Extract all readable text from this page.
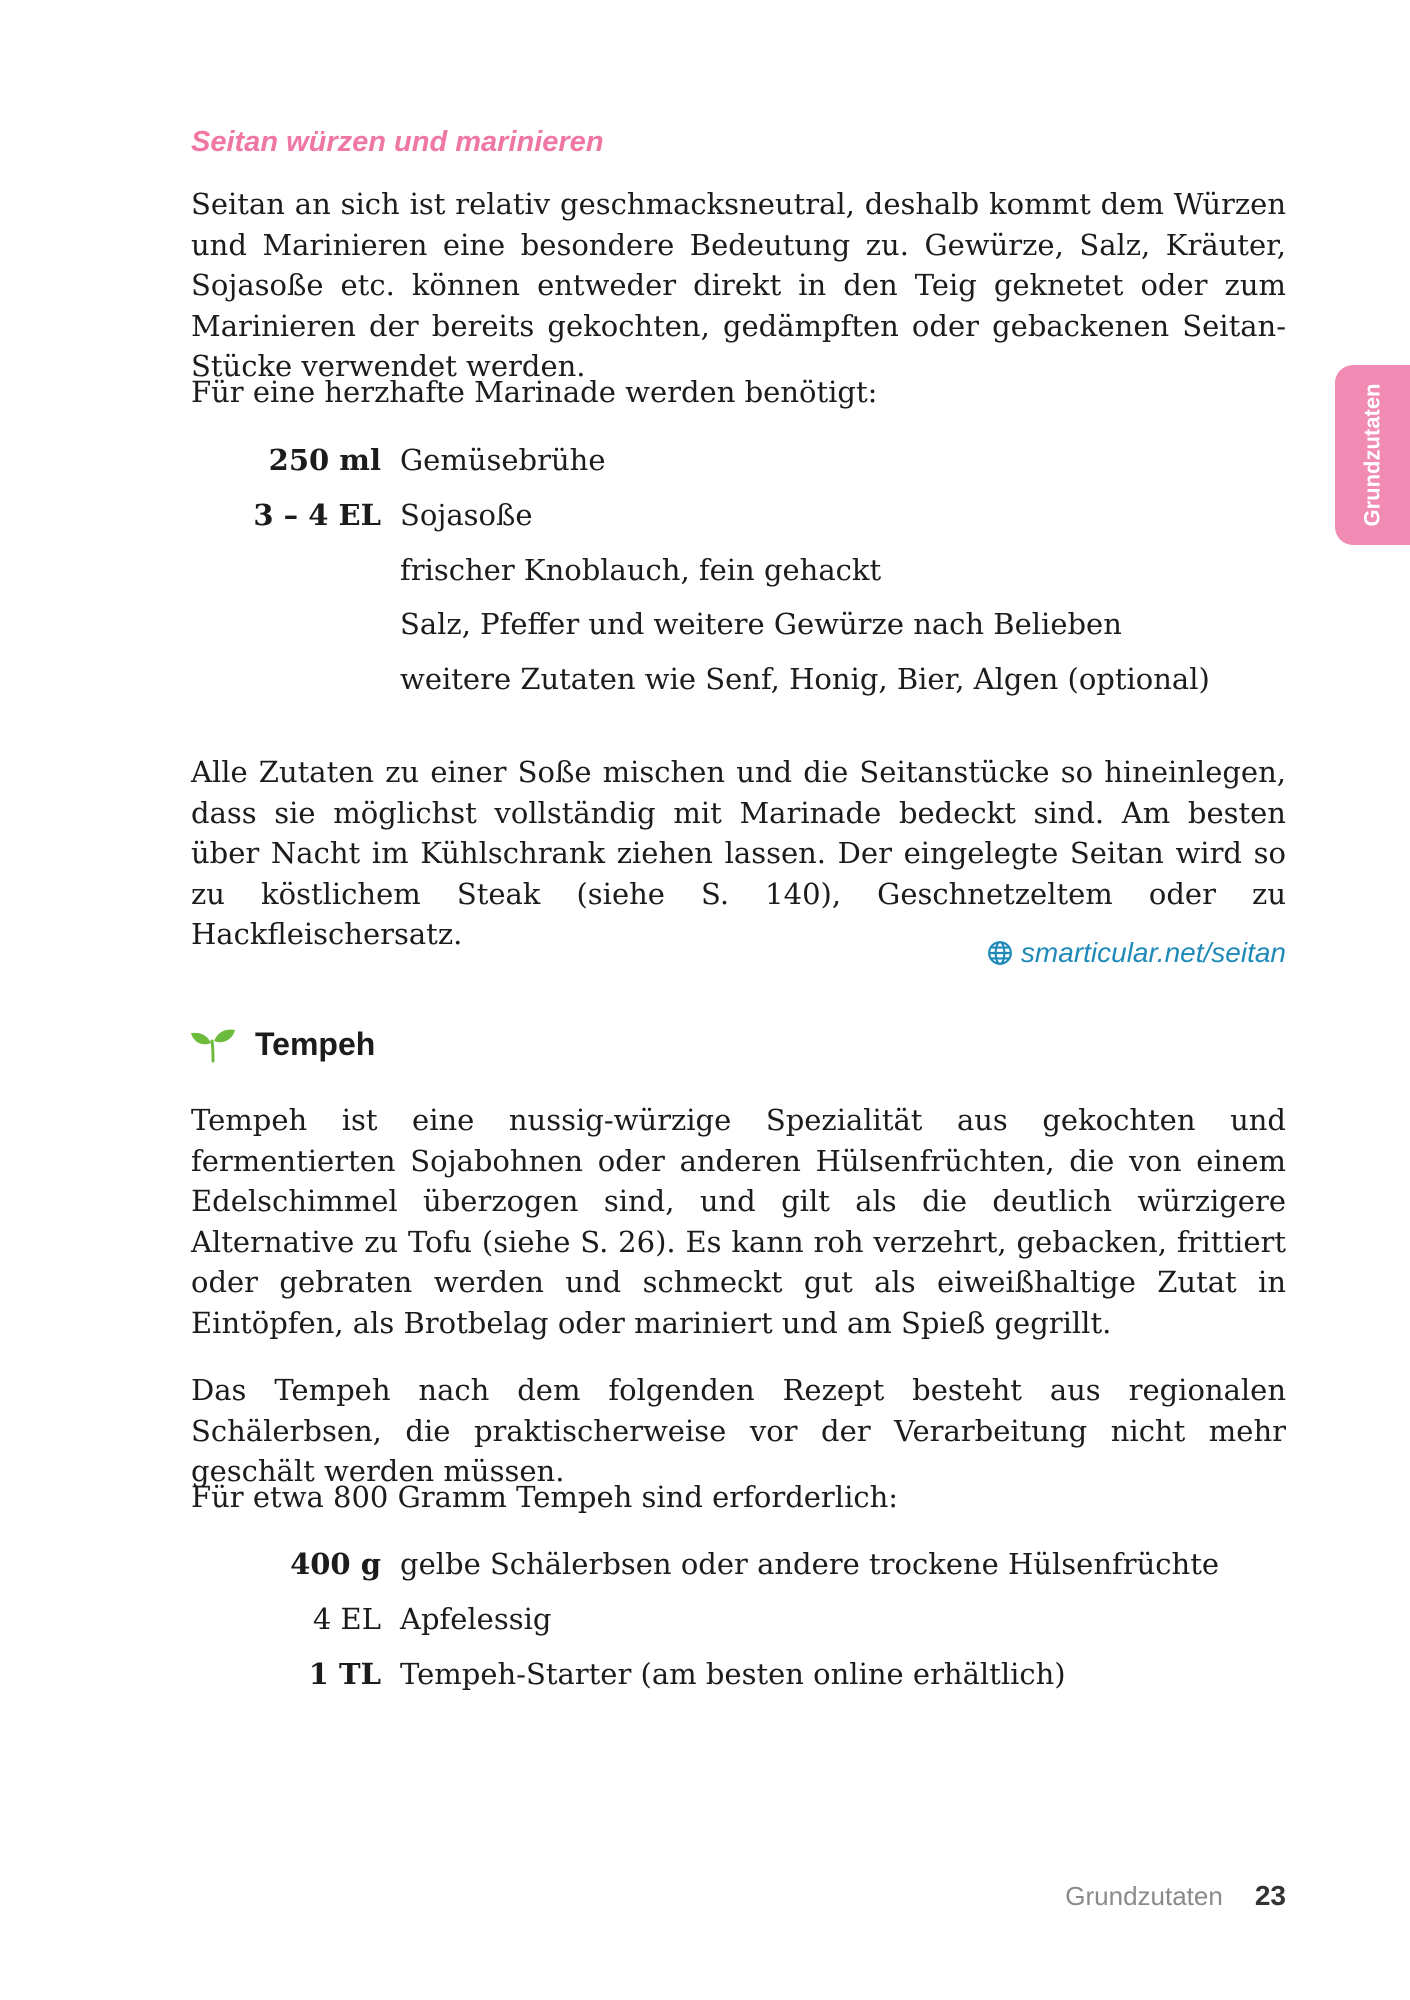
Seitan würzen und marinieren

Seitan an sich ist relativ geschmacksneutral, deshalb kommt dem Würzen und Marinieren eine besondere Bedeutung zu. Gewürze, Salz, Kräuter, Sojasoße etc. können entweder direkt in den Teig geknetet oder zum Marinieren der bereits gekochten, gedämpften oder gebackenen Seitan-Stücke verwendet werden.

Für eine herzhafte Marinade werden benötigt:

250 ml Gemüsebrühe
3 – 4 EL Sojasoße
frischer Knoblauch, fein gehackt
Salz, Pfeffer und weitere Gewürze nach Belieben
weitere Zutaten wie Senf, Honig, Bier, Algen (optional)

Alle Zutaten zu einer Soße mischen und die Seitanstücke so hineinlegen, dass sie möglichst vollständig mit Marinade bedeckt sind. Am besten über Nacht im Kühlschrank ziehen lassen. Der eingelegte Seitan wird so zu köstlichem Steak (siehe S. 140), Geschnetzeltem oder zu Hackfleischersatz.

smarticular.net/seitan
Tempeh

Tempeh ist eine nussig-würzige Spezialität aus gekochten und fermentierten Sojabohnen oder anderen Hülsenfrüchten, die von einem Edelschimmel überzogen sind, und gilt als die deutlich würzigere Alternative zu Tofu (siehe S. 26). Es kann roh verzehrt, gebacken, frittiert oder gebraten werden und schmeckt gut als eiweißhaltige Zutat in Eintöpfen, als Brotbelag oder mariniert und am Spieß gegrillt.

Das Tempeh nach dem folgenden Rezept besteht aus regionalen Schälerbsen, die praktischerweise vor der Verarbeitung nicht mehr geschält werden müssen.

Für etwa 800 Gramm Tempeh sind erforderlich:

400 g gelbe Schälerbsen oder andere trockene Hülsenfrüchte
4 EL Apfelessig
1 TL Tempeh-Starter (am besten online erhältlich)
Grundzutaten
Grundzutaten 23
